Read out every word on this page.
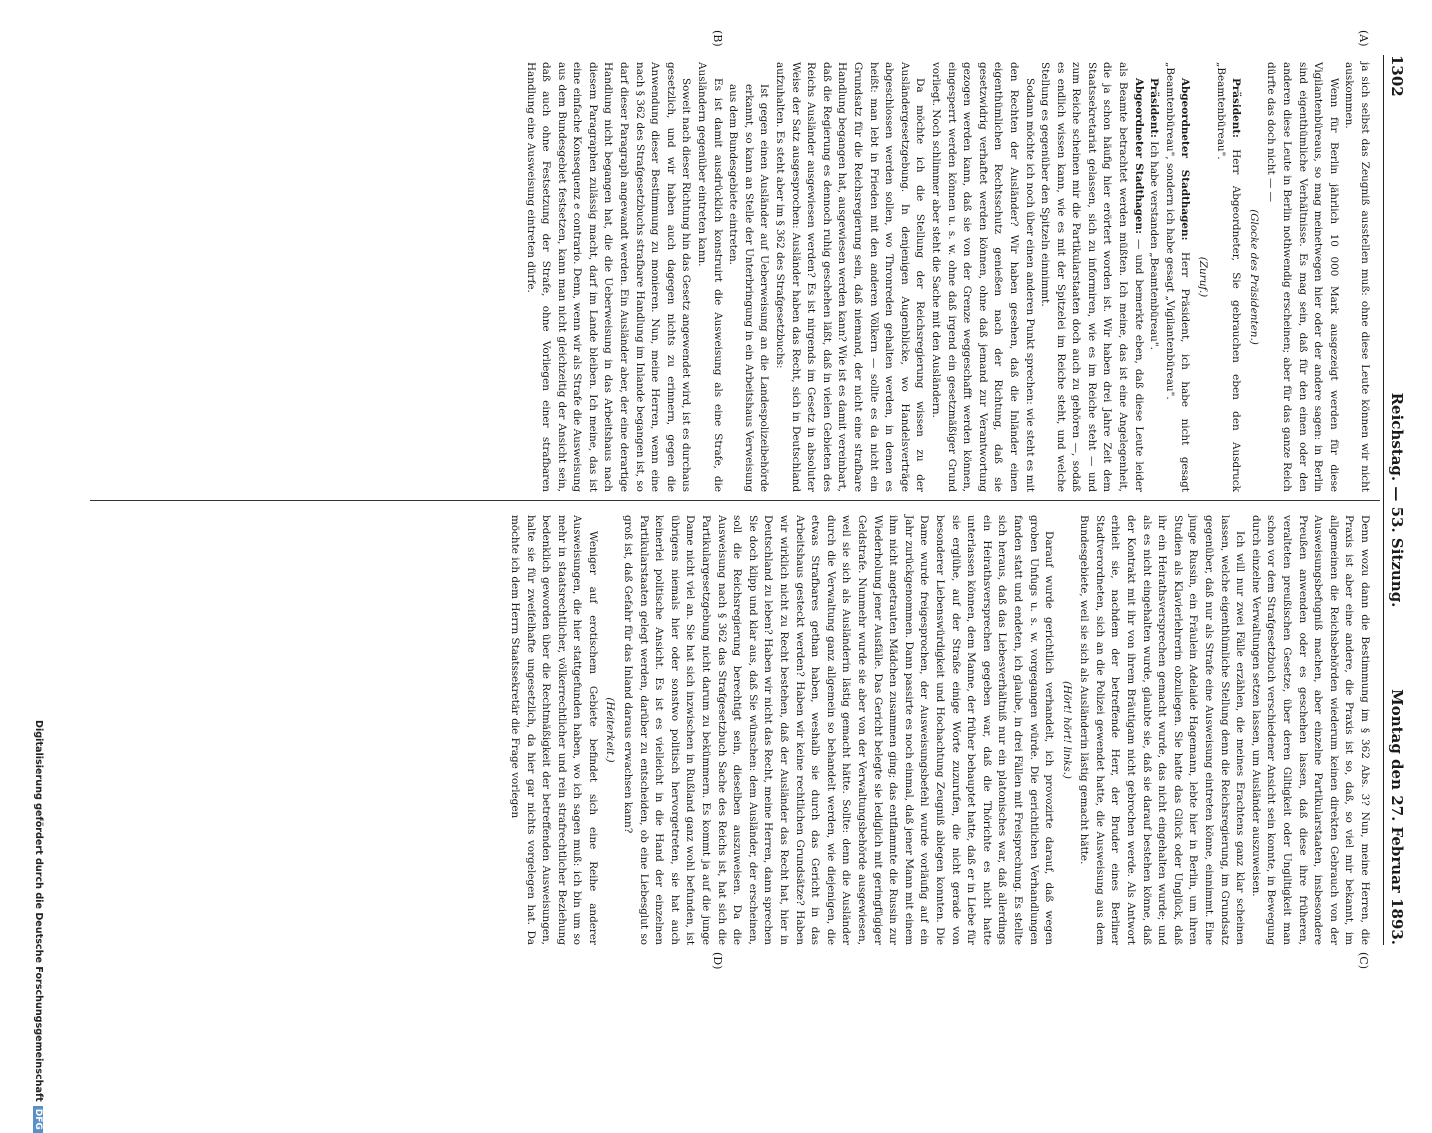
1302
Reichstag. — 53. Sitzung.
Montag den 27. Februar 1893.
(A)
(B)
(C)
(D)

ja sich selbst das Zeugniß ausstellen muß: ohne diese Leute können wir nicht auskommen.

Wenn für Berlin jährlich 10 000 Mark ausgezeigt werden für diese Vigilantenbüreaus, so mag meinetwegen hier oder der andere sagen: in Berlin sind eigenthümliche Verhältnisse. Es mag sein, daß für den einen oder den anderen diese Leute in Berlin nothwendig erscheinen; aber für das ganze Reich dürfte das doch nicht — —

(Glocke des Präsidenten.)

Präsident: Herr Abgeordneter, Sie gebrauchen eben den Ausdruck „Beamtenbüreau".

(Zuruf.)

Abgeordneter Stadthagen: Herr Präsident, ich habe nicht gesagt „Beamtenbüreau", sondern ich habe gesagt „Vigilantenbüreau".

Präsident: Ich habe verstanden „Beamtenbüreau".

Abgeordneter Stadthagen: — und bemerkte eben, daß diese Leute leider als Beamte betrachtet werden müßten. Ich meine, das ist eine Angelegenheit, die ja schon häufig hier erörtert worden ist. Wir haben drei Jahre Zeit dem Staatssekretariat gelassen, sich zu informiren, wie es im Reiche steht — und zum Reiche scheinen mir die Partikularstaaten doch auch zu gehören —, sodaß es endlich wissen kann, wie es mit der Spitzelei im Reiche steht, und welche Stellung es gegenüber den Spitzeln einnimmt.

Sodann möchte ich noch über einen anderen Punkt sprechen: wie steht es mit den Rechten der Ausländer? Wir haben gesehen, daß die Inländer einen eigenthümlichen Rechtsschutz genießen nach der Richtung, daß sie gesetzwidrig verhaftet werden können, ohne daß jemand zur Verantwortung gezogen werden kann, daß sie von der Grenze weggeschafft werden können, eingesperrt werden können u. s. w. ohne daß irgend ein gesetzmäßiger Grund vorliegt. Noch schlimmer aber steht die Sache mit den Ausländern.

Da möchte ich die Stellung der Reichsregierung wissen zu der Ausländergesetzgebung. In denjenigen Augenblicke, wo Handelsverträge abgeschlossen werden sollen, wo Thronreden gehalten werden, in denen es heißt: man lebt in Frieden mit den anderen Völkern — sollte es da nicht ein Grundsatz für die Reichsregierung sein, daß niemand, der nicht eine strafbare Handlung begangen hat, ausgewiesen werden kann? Wie ist es damit vereinbart, daß die Regierung es dennoch ruhig geschehen läßt, daß in vielen Gebieten des Reichs Ausländer ausgewiesen werden? Es ist nirgends im Gesetz in absoluter Weise der Satz ausgesprochen: Ausländer haben das Recht, sich in Deutschland aufzuhalten. Es steht aber im § 362 des Strafgesetzbuchs:

Ist gegen einen Ausländer auf Ueberweisung an die Landespolizeibehörde erkannt, so kann an Stelle der Unterbringung in ein Arbeitshaus Verweisung aus dem Bundesgebiete eintreten.

Es ist damit ausdrücklich konstruirt die Ausweisung als eine Strafe, die Ausländern gegenüber eintreten kann.

Soweit nach dieser Richtung hin das Gesetz angewendet wird, ist es durchaus gesetzlich, und wir haben auch dagegen nichts zu erinnern, gegen die Anwendung dieser Bestimmung zu monieren. Nun, meine Herren, wenn eine nach § 362 des Strafgesetzbuchs strafbare Handlung im Inlande begangen ist, so darf dieser Paragraph angewandt werden. Ein Ausländer aber, der eine derartige Handlung nicht begangen hat, die die Ueberweisung in das Arbeitshaus nach diesem Paragraphen zulässig macht, darf im Lande bleiben. Ich meine, das ist eine einfache Konsequenz e contrario. Denn, wenn wir als Strafe die Ausweisung aus dem Bundesgebiet festsetzen, kann man nicht gleichzeitig der Ansicht sein, daß auch ohne Festsetzung der Strafe, ohne Vorliegen einer strafbaren Handlung eine Ausweisung eintreten dürfe.

Denn wozu dann die Bestimmung im § 362 Abs. 3? Nun, meine Herren, die Praxis ist aber eine andere, die Praxis ist so, daß, so viel mir bekannt, im allgemeinen die Reichsbehörden wiederum keinen direkten Gebrauch von der Ausweisungsbefugniß machen, aber einzelne Partikularstaaten, insbesondere Preußen anwenden oder es geschehen lassen, daß diese ihre früheren, veralteten preußischen Gesetze, über deren Giltigkeit oder Ungiltigkeit man schon vor dem Strafgesetzbuch verschiedener Ansicht sein konnte, in Bewegung durch einzelne Verwaltungen setzen lassen, um Ausländer auszuweisen.

Ich will nur zwei Fälle erzählen, die meines Erachtens ganz klar scheinen lassen, welche eigenthümliche Stellung denn die Reichsregierung, im Grundsatz gegenüber, daß nur als Strafe eine Ausweisung eintreten könne, einnimmt. Eine junge Russin, ein Fräulein Adelaide Hagemann, lebte hier in Berlin, um ihren Studien als Klavierlehrerin obzuliegen. Sie hatte das Glück oder Unglück, daß ihr ein Heirathsversprechen gemacht wurde, das nicht eingehalten wurde; und als es nicht eingehalten wurde, glaubte sie, daß sie darauf bestehen könne, daß der Kontrakt mit ihr von ihrem Bräutigam nicht gebrochen werde. Als Antwort erhielt sie, nachdem der betreffende Herr, der Bruder eines Berliner Stadtverordneten, sich an die Polizei gewendet hatte, die Ausweisung aus dem Bundesgebiete, weil sie sich als Ausländerin lästig gemacht hätte.

(Hört! hört! links.)

Darauf wurde gerichtlich verhandelt, ich provozirte darauf, daß wegen groben Unfugs u. s. w. vorgegangen würde. Die gerichtlichen Verhandlungen fanden statt und endeten, ich glaube, in drei Fällen mit Freisprechung. Es stellte sich heraus, daß das Liebesverhältniß nur ein platonisches war, daß allerdings ein Heirathsversprechen gegeben war, daß die Thörichte es nicht hatte unterlassen können, dem Manne, der früher behauptet hatte, daß er in Liebe für sie erglühe, auf der Straße einige Worte zuzurufen, die nicht gerade von besonderer Liebenswürdigkeit und Hochachtung Zeugniß ablegen konnten. Die Dame wurde freigesprochen, der Ausweisungsbefehl wurde vorläufig auf ein Jahr zurückgenommen. Dann passirte es noch einmal, daß jener Mann mit einem ihm nicht angetrauten Mädchen zusammen ging; das entflammte die Russin zur Wiederholung jener Ausfälle. Das Gericht belegte sie lediglich mit geringfügiger Geldstrafe. Nunmehr wurde sie aber von der Verwaltungsbehörde ausgewiesen, weil sie sich als Ausländerin lästig gemacht hätte. Sollte: denn die Ausländer durch die Verwaltung ganz allgemein so behandelt werden, wie diejenigen, die etwas Strafbares gethan haben, weshalb sie durch das Gericht in das Arbeitshaus gesteckt werden? Haben wir keine rechtlichen Grundsätze? Haben wir wirklich nicht zu Recht bestehen, daß der Ausländer das Recht hat, hier in Deutschland zu leben? Haben wir nicht das Recht, meine Herren, dann sprechen Sie doch klipp und klar aus, daß Sie wünschen: dem Ausländer, der erscheinen, soll die Reichsregierung berechtigt sein, dieselben auszuweisen. Da die Ausweisung nach § 362 das Strafgesetzbuch Sache des Reichs ist, hat sich die Partikulargesetzgebung nicht darum zu bekümmern. Es kommt ja auf die junge Dame nicht viel an. Sie hat sich inzwischen in Rußland ganz wohl befunden, ist übrigens niemals hier oder sonstwo politisch hervorgetreten, sie hat auch keinerlei politische Ansicht. Es ist es vielleicht in die Hand der einzelnen Partikularstaaten gelegt werden, darüber zu entscheiden, ob eine Liebesglut so groß ist, daß Gefahr für das Inland daraus erwachsen kann?

(Heiterkeit.)

Weniger auf erotischem Gebiete befindet sich eine Reihe anderer Ausweisungen, die hier stattgefunden haben, wo ich sagen muß: ich bin um so mehr in staatsrechtlicher, völkerrechtlicher und rein strafrechtlicher Beziehung bedenklich geworden über die Rechtmäßigkeit der betreffenden Ausweisungen, halte sie für zweifelhafte ungesetzlich, da hier gar nichts vorgelegen hat. Da möchte ich dem Herrn Staatssekretär die Frage vorlegen

Digitalisierung gefördert durch die Deutsche ForschungsgemeinschaftDFG
